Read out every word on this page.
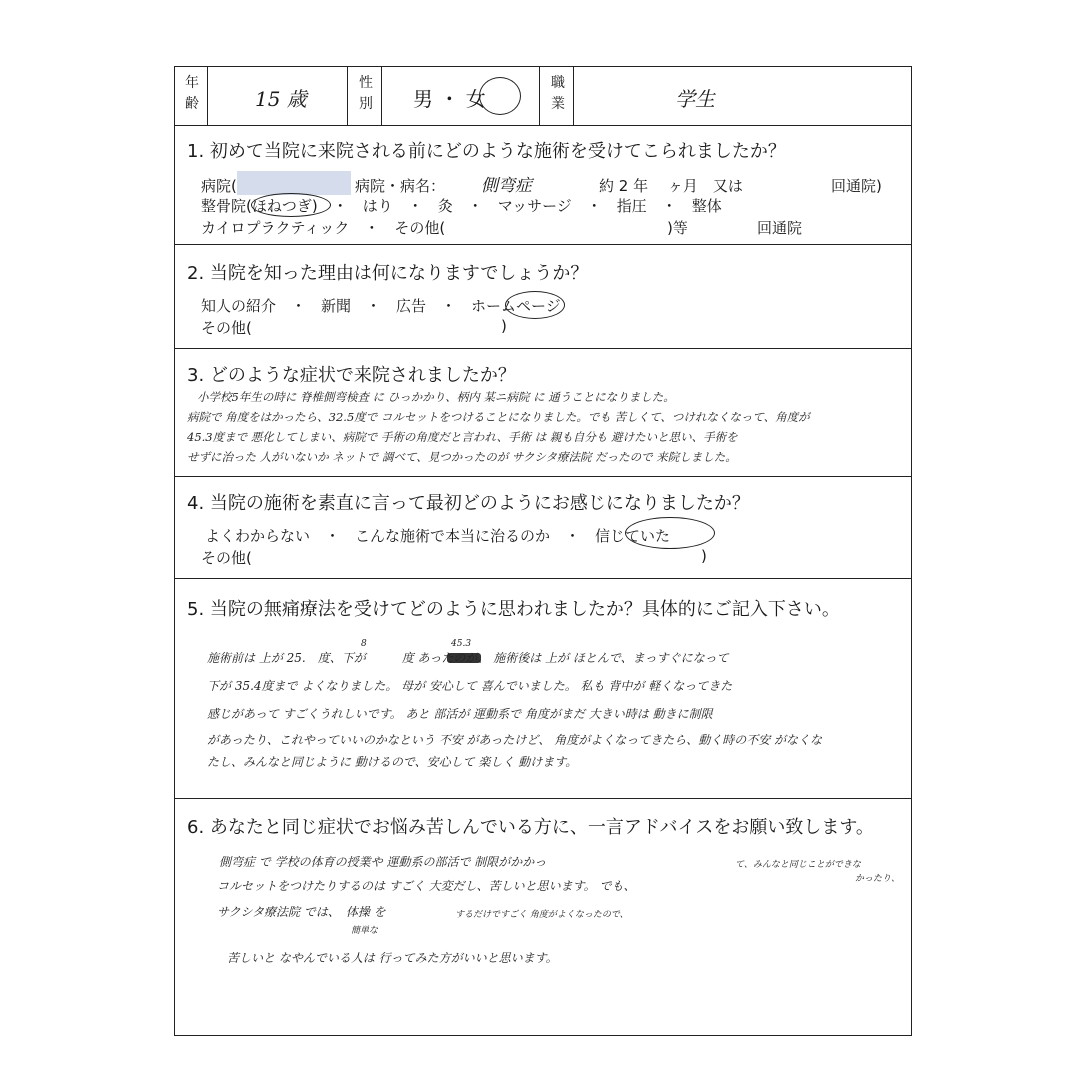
年齢	15 歳
性別	男 ・ 女
職業	学生
1. 初めて当院に来院される前にどのような施術を受けてこられましたか？
病院(	病院・病名： 側弯症	約 2 年　 ヶ月　又は	回通院)
整骨院(ほねつぎ)　・　はり　・　灸　・　マッサージ　・　指圧　・　整体
カイロプラクティック　・　その他(	)等	回通院
2. 当院を知った理由は何になりますでしょうか？
知人の紹介　・　新聞　・　広告　・　ホームページ
その他(	)
3. どのような症状で来院されましたか？
小学校5年生の時に 脊椎側弯検査 に ひっかかり、柄内 某ニ病院 に 通うことになりました。
病院で 角度をはかったら、32.5度で コルセットをつけることになりました。でも 苦しくて、つけれなくなって、角度が
45.3度まで 悪化してしまい、病院で 手術の角度だと言われ、手術 は 親も自分も 避けたいと思い、手術を
せずに治った 人がいないか ネットで 調べて、見つかったのが サクシタ療法院 だったので 来院しました。
4. 当院の施術を素直に言って最初どのようにお感じになりましたか？
よくわからない　・　こんな施術で本当に治るのか　・　信じていた
その他(	)
5. 当院の無痛療法を受けてどのように思われましたか？具体的にご記入下さい。
8	45.3
施術前は 上が 25.　度、下が　　　度 あったのが、 施術後は 上が ほとんで、まっすぐになって
下が 35.4度まで よくなりました。 母が 安心して 喜んでいました。 私も 背中が 軽くなってきた
感じがあって すごくうれしいです。 あと 部活が 運動系で 角度がまだ 大きい時は 動きに制限
があったり、これやっていいのかなという 不安 があったけど、 角度がよくなってきたら、動く時の不安 がなくな
たし、みんなと同じように 動けるので、安心して 楽しく 動けます。
6. あなたと同じ症状でお悩み苦しんでいる方に、一言アドバイスをお願い致します。
側弯症 で 学校の体育の授業や 運動系の部活で 制限がかかっ	て、みんなと同じことができな
かったり、
コルセットをつけたりするのは すごく 大変だし、苦しいと思います。 でも、
サクシタ療法院 では、　体操 を
簡単な
するだけですごく 角度がよくなったので、
苦しいと なやんでいる人は 行ってみた方がいいと思います。
